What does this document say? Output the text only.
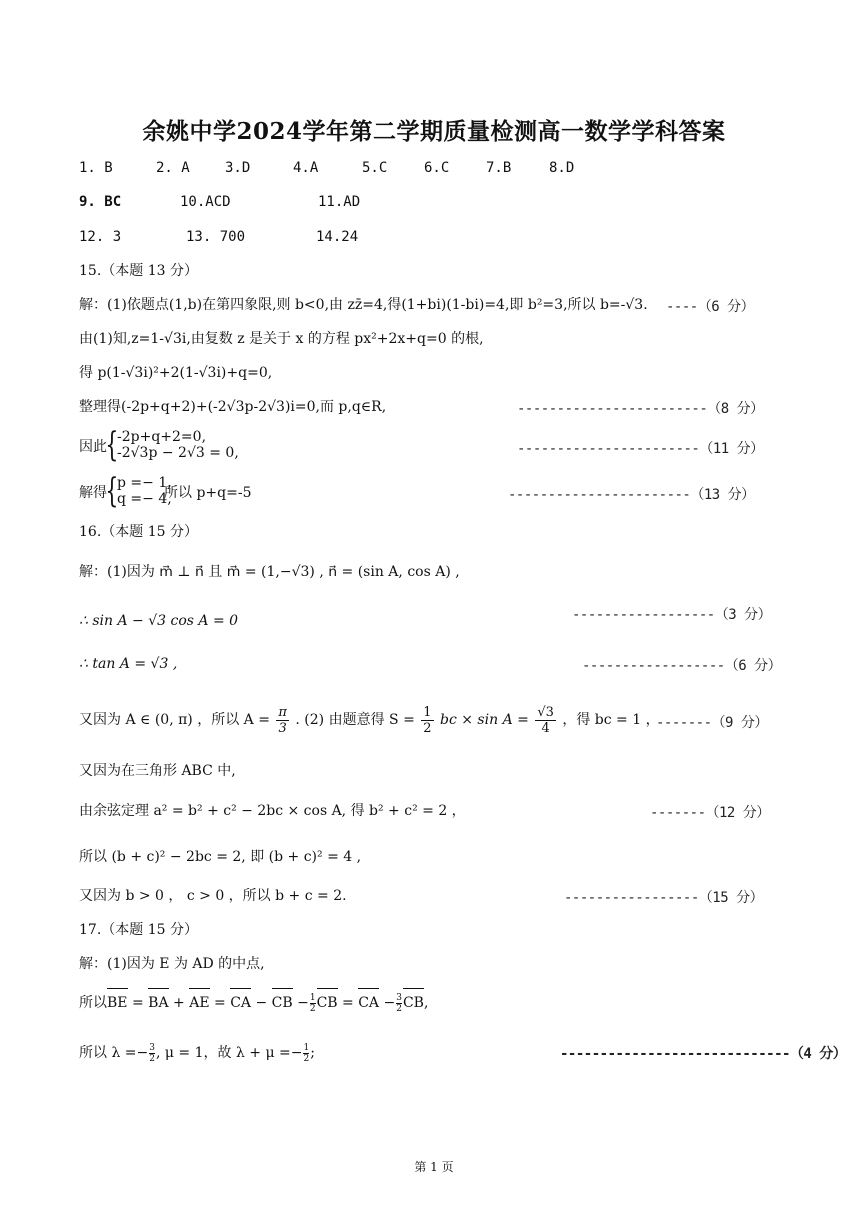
余姚中学2024学年第二学期质量检测高一数学学科答案
1. B	2. A	3.D	4.A	5.C	6.C	7.B	8.D
9. BC	10.ACD	11.AD
12. 3	13. 700	14.24
15.（本题 13 分）
解：(1)依题点(1,b)在第四象限,则 b<0,由 zz̄=4,得(1+bi)(1-bi)=4,即 b²=3,所以 b=-√3. ----（6 分）
由(1)知,z=1-√3i,由复数 z 是关于 x 的方程 px²+2x+q=0 的根,
得 p(1-√3i)²+2(1-√3i)+q=0,
整理得(-2p+q+2)+(-2√3p-2√3)i=0,而 p,q∈R,	------------------------（8 分）
因此
{
-2p+q+2=0,
-2√3p − 2√3 = 0,	-----------------------（11 分）
解得
{
p =− 1,
q =− 4,
所以 p+q=-5	-----------------------（13 分）
16.（本题 15 分）
解：(1)因为 m⃗ ⊥ n⃗ 且 m⃗ = (1,−√3) , n⃗ = (sin A, cos A) ,
∴ sin A − √3 cos A = 0	------------------（3 分）
∴ tan A = √3 ,	------------------（6 分）
又因为 A ∈ (0, π) ，所以 $A = \frac{\pi}{3}$ . (2) 由题意得 $S = \frac{1}{2}$ bc × $\sin A = \frac{√3}{4}$ ，得 bc = 1 ，
-------（9 分）
又因为在三角形 ABC 中,
由余弦定理 a² = b² + c² − 2bc × cos A, 得 b² + c² = 2 ，	-------（12 分）
所以 (b + c)² − 2bc = 2, 即 (b + c)² = 4 ,
又因为 b > 0 ， c > 0 ，所以 b + c = 2.	-----------------（15 分）
17.（本题 15 分）
解：(1)因为 E 为 AD 的中点,
所以BE = BA + AE = CA − CB − $\frac{1}{2}CB$ = CA − $\frac{3}{2}CB$,
所以 $\lambda =- \frac{3}{2}$, μ = 1，故 $\lambda + \mu =- \frac{1}{2}$;	-----------------------------（4 分）
第 1 页
